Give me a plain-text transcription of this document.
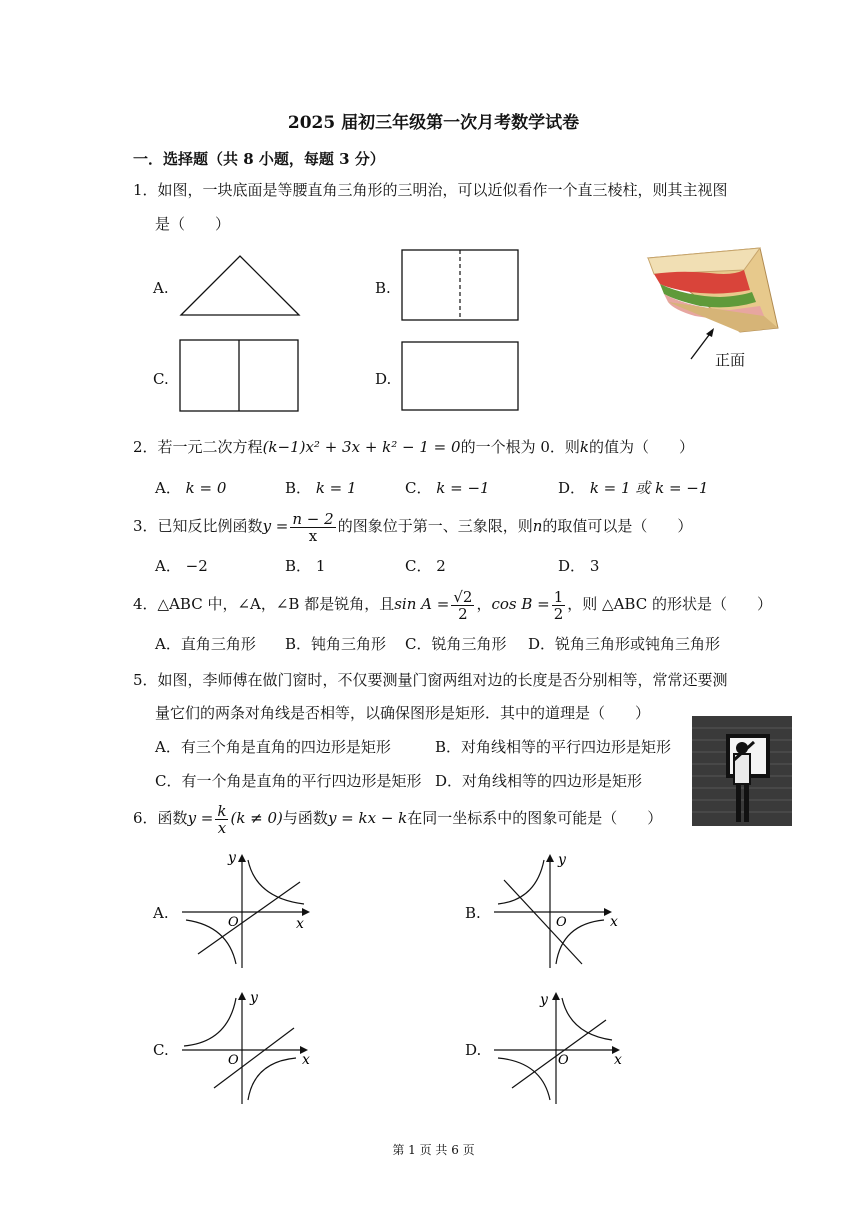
2025 届初三年级第一次月考数学试卷
一．选择题（共 8 小题，每题 3 分）
1．如图，一块底面是等腰直角三角形的三明治，可以近似看作一个直三棱柱，则其主视图
是（　　）
A.	B.
C.	D.
正面
2．若一元二次方程(k−1)x² + 3x + k² − 1 = 0的一个根为 0．则k的值为（　　）
A． k = 0	B． k = 1	C． k = −1	D． k = 1 或 k = −1
3．已知反比例函数$y = \frac{n - 2}{x}$ 的图象位于第一、三象限，则n的取值可以是（　　）
A． −2	B． 1	C． 2	D． 3
4．△ABC 中，∠A，∠B 都是锐角，且$\sin A = \frac{√2}{2}$ ，$\cos B = \frac{1}{2}$ ，则 △ABC 的形状是（　　）
A．直角三角形 B．钝角三角形 C．锐角三角形 D．锐角三角形或钝角三角形
5．如图，李师傅在做门窗时，不仅要测量门窗两组对边的长度是否分别相等，常常还要测
量它们的两条对角线是否相等，以确保图形是矩形．其中的道理是（　　）
A．有三个角是直角的四边形是矩形	B．对角线相等的平行四边形是矩形
C．有一个角是直角的平行四边形是矩形 D．对角线相等的四边形是矩形
6．函数$y = \frac{k}{x} (k \ne 0)$与函数y = kx − k在同一坐标系中的图象可能是（　　）
A.
y
O	x
B.
y
O	x
C.
y
O	x
D.
y
O	x
第 1 页 共 6 页
